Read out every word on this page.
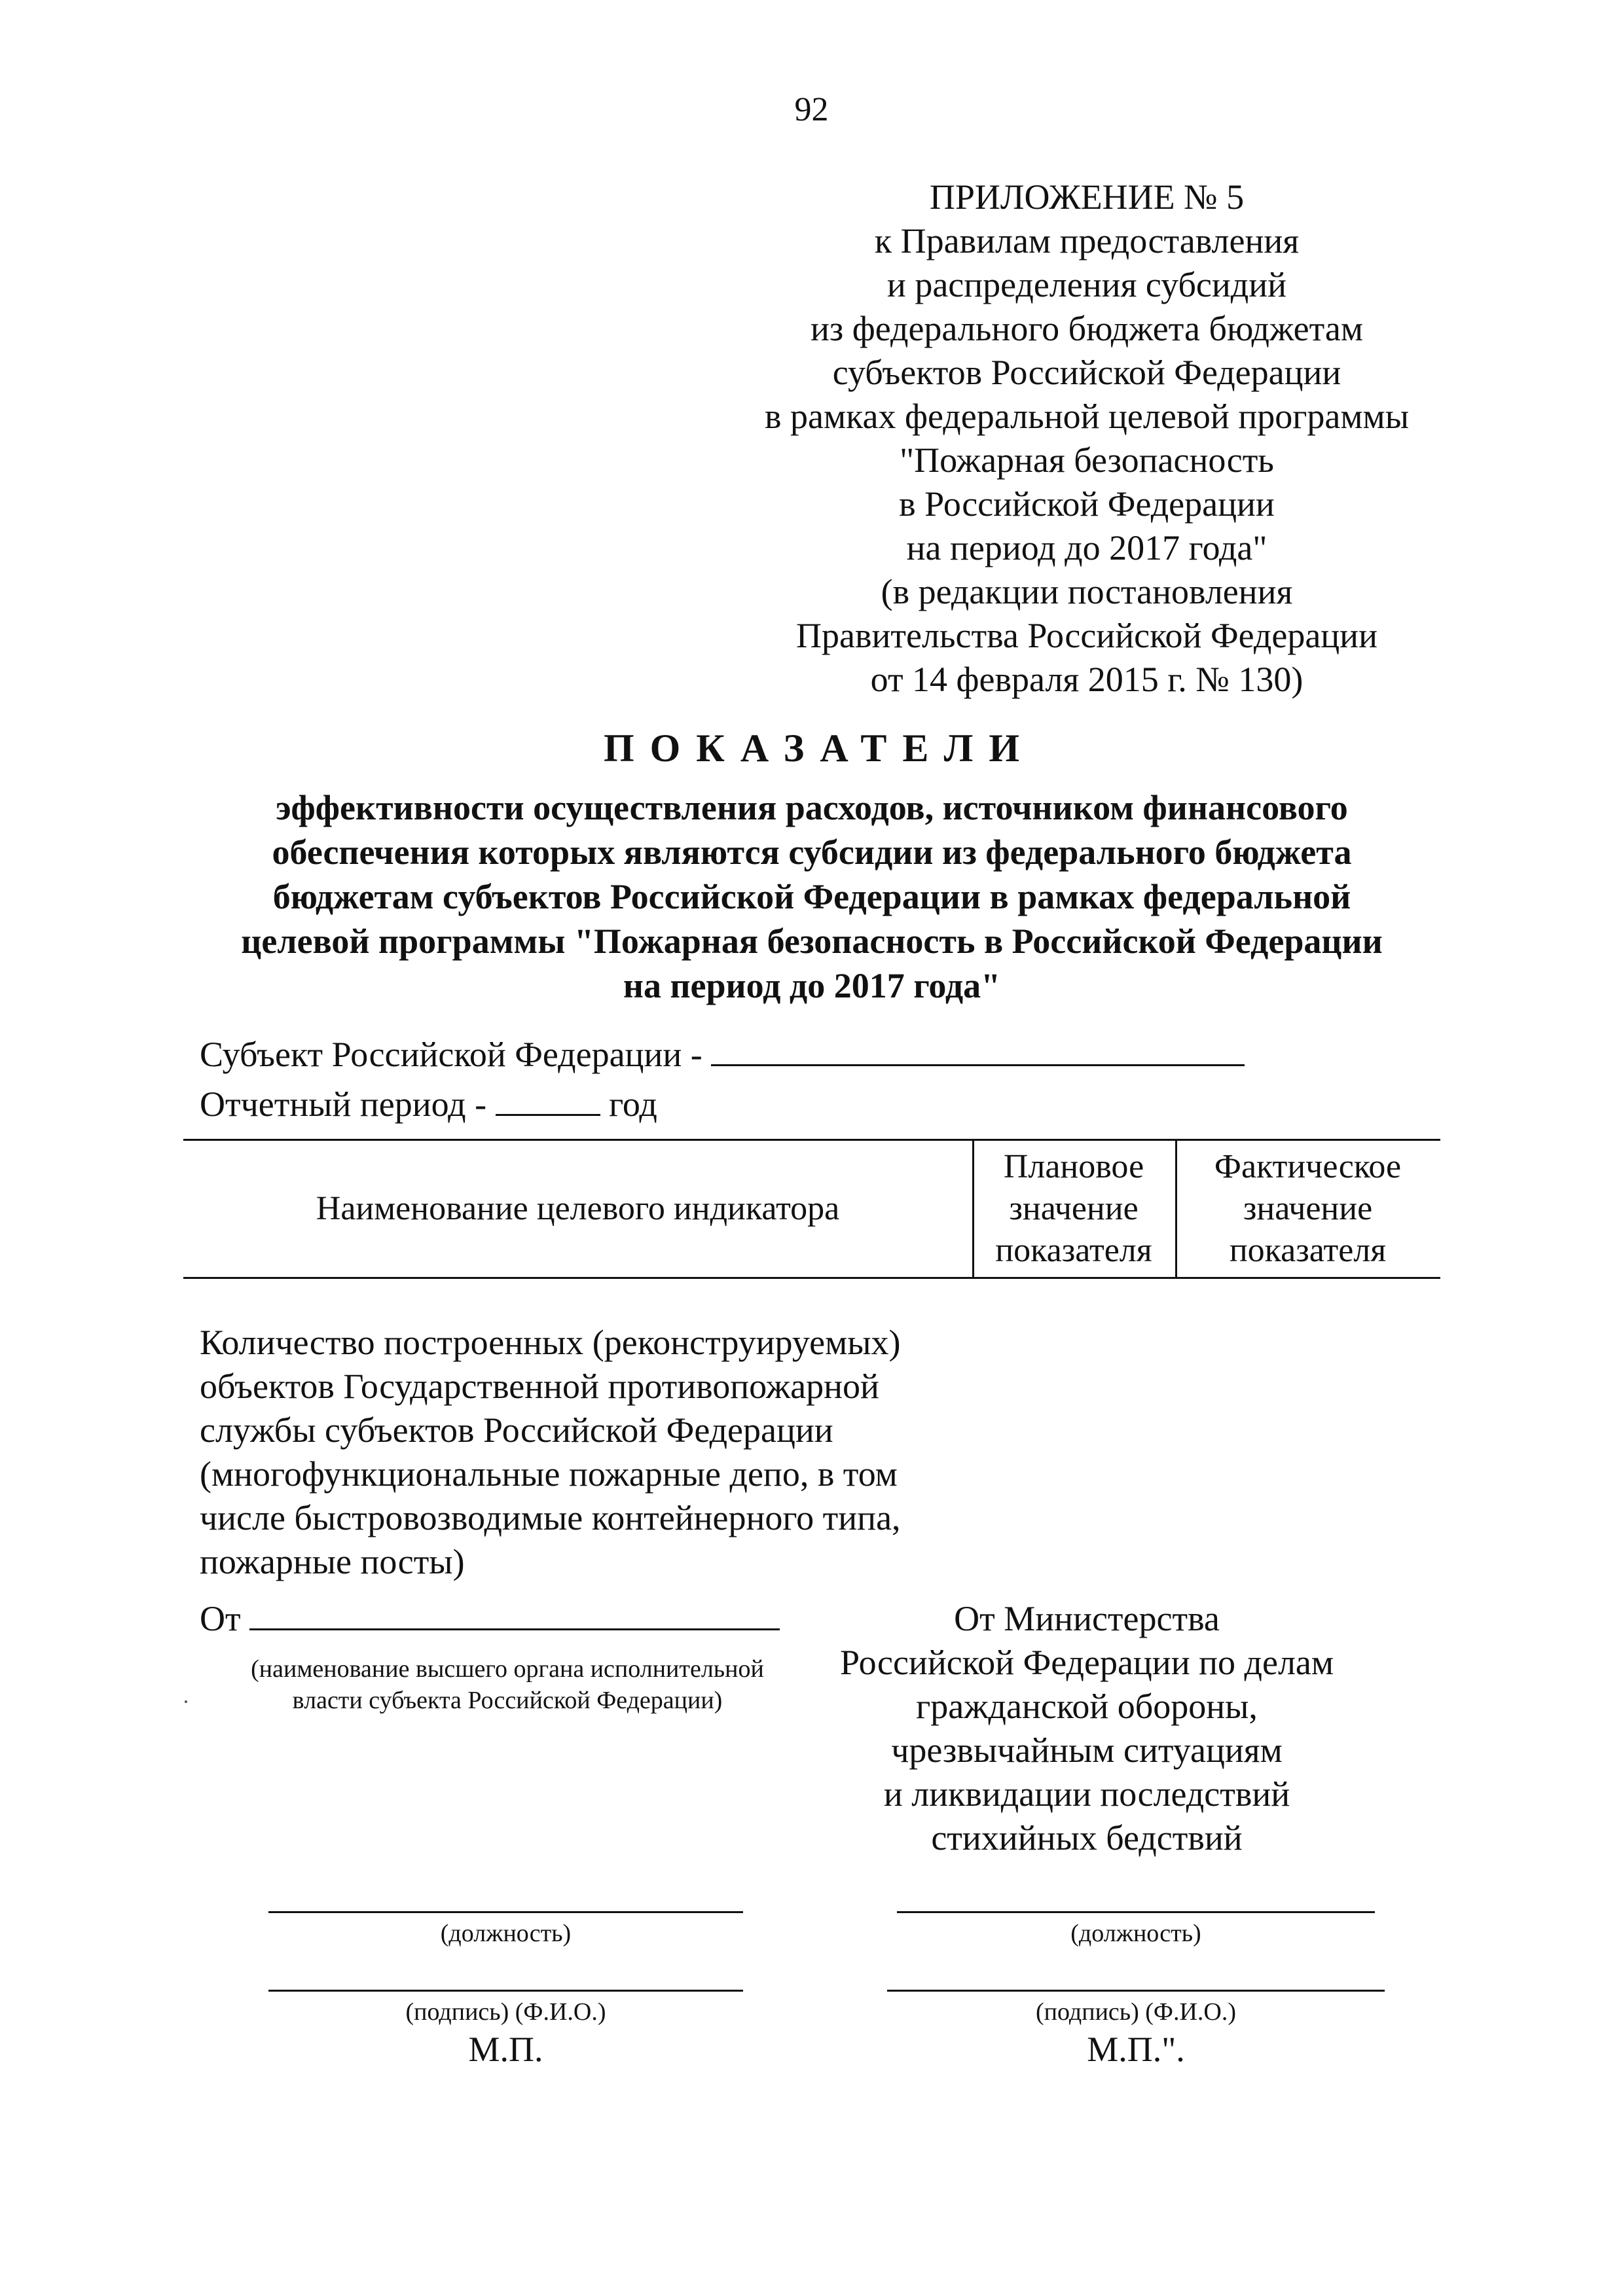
92
ПРИЛОЖЕНИЕ № 5
к Правилам предоставления
и распределения субсидий
из федерального бюджета бюджетам
субъектов Российской Федерации
в рамках федеральной целевой программы
"Пожарная безопасность
в Российской Федерации
на период до 2017 года"
(в редакции постановления
Правительства Российской Федерации
от 14 февраля 2015 г. № 130)
ПОКАЗАТЕЛИ
эффективности осуществления расходов, источником финансового
обеспечения которых являются субсидии из федерального бюджета
бюджетам субъектов Российской Федерации в рамках федеральной
целевой программы "Пожарная безопасность в Российской Федерации
на период до 2017 года"
Субъект Российской Федерации -
Отчетный период -	год
Наименование целевого индикатора
Плановое
значение
показателя
Фактическое
значение
показателя
Количество построенных (реконструируемых)
объектов Государственной противопожарной
службы субъектов Российской Федерации
(многофункциональные пожарные депо, в том
числе быстровозводимые контейнерного типа,
пожарные посты)
От
(наименование высшего органа исполнительной
власти субъекта Российской Федерации)
(должность)
(подпись) (Ф.И.О.)
М.П.
От Министерства
Российской Федерации по делам
гражданской обороны,
чрезвычайным ситуациям
и ликвидации последствий
стихийных бедствий
(должность)
(подпись) (Ф.И.О.)
М.П.".
